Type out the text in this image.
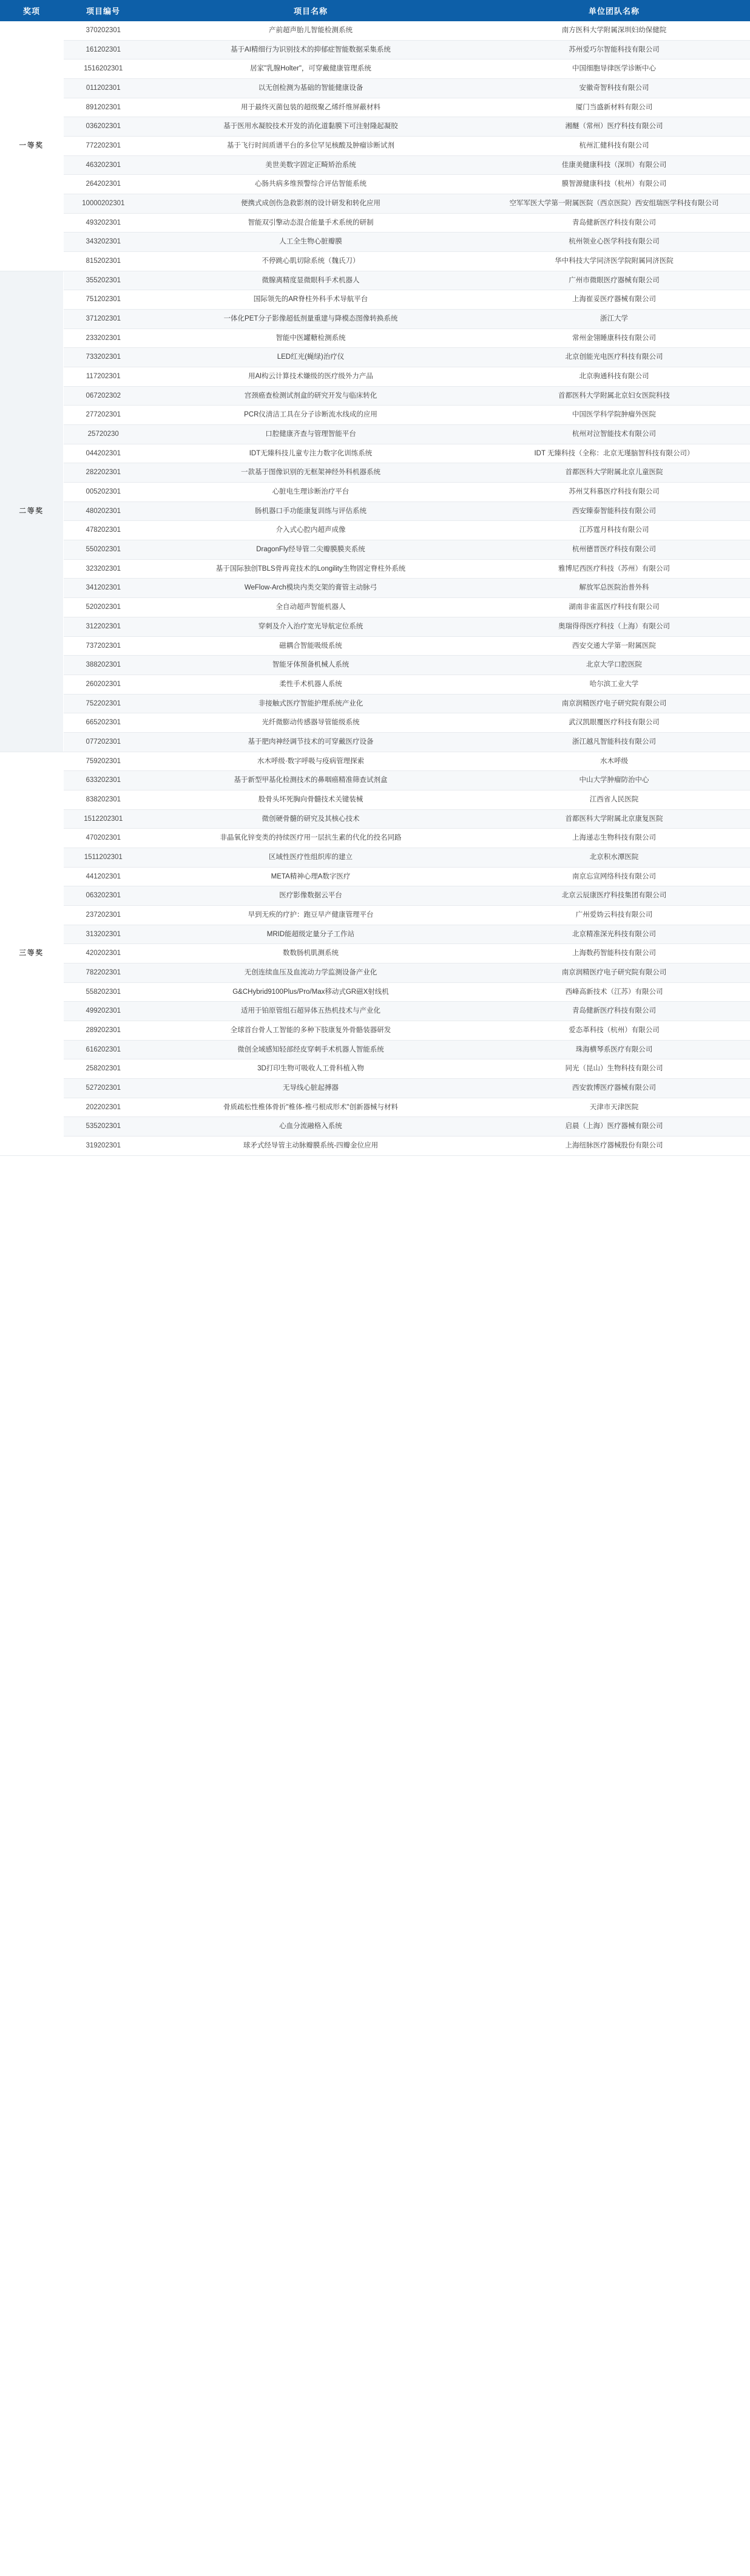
奖项	项目编号	项目名称	单位团队名称
一等奖	370202301	产前超声胎儿智能检测系统	南方医科大学附属深圳妇幼保健院
	161202301	基于AI精细行为识别技术的抑郁症智能数据采集系统	苏州爱巧尔智能科技有限公司
	1516202301	居家"乳腺Holter"，可穿戴健康管理系统	中国细胞导律医学诊断中心
	011202301	以无创检测为基础的智能健康设备	安徽奇智科技有限公司
	891202301	用于最终灭菌包装的超级聚乙烯纤维屏蔽材料	厦门当盛新材料有限公司
	036202301	基于医用水凝胶技术开发的消化道黏膜下可注射隆起凝胶	湘醚（常州）医疗科技有限公司
	772202301	基于飞行时间质谱平台的多位罕见核酸及肿瘤诊断试剂	杭州汇健科技有限公司
	463202301	美世美数字固定正畸矫治系统	佳康美健康科技（深圳）有限公司
	264202301	心肠共病多维预警综合评估智能系统	膜智源健康科技（杭州）有限公司
	10000202301	便携式成创伤急救影剂的设计研发和转化应用	空军军医大学第一附属医院（西京医院）西安组瑞医学科技有限公司
	493202301	智能双引擎动态混合能量手术系统的研制	青岛健新医疗科技有限公司
	343202301	人工全生物心脏瓣膜	杭州领业心医学科技有限公司
	815202301	不停跳心肌切除系统（魏氏刀）	华中科技大学同济医学院附属同济医院
二等奖	355202301	微腺离精度显微眼科手术机器人	广州市微眼医疗器械有限公司
	751202301	国际领先的AR脊柱外科手术导航平台	上海崔妥医疗器械有限公司
	371202301	一体化PET分子影像超低剂量重建与降模态图像转换系统	浙江大学
	233202301	智能中医罐糖检测系统	常州金翎睡康科技有限公司
	733202301	LED红光(蝇绿)治疗仪	北京创能光电医疗科技有限公司
	117202301	用Al构云计算技术嫌级的医疗级外力产品	北京驹通科技有限公司
	067202302	宫颈癌查检测试剂盒的研究开发与临床转化	首都医科大学附属北京妇女医院科技
	277202301	PCR仪清洁工具在分子诊断流水线成的应用	中国医学科学院肿瘤外医院
	25720230	口腔健康齐查与管理智能平台	杭州对泣智能技术有限公司
	044202301	IDT无臻科技儿童专注力数字化训练系统	IDT 无臻科技（全称：北京无瑾脑智科技有限公司）
	282202301	一款基于图像识别的无框架神经外科机器系统	首都医科大学附属北京儿童医院
	005202301	心脏电生理诊断治疗平台	苏州艾科慕医疗科技有限公司
	480202301	肠机器口手功能康复训练与评估系统	西安臻泰智能科技有限公司
	478202301	介入式心腔内超声成像	江苏霆月科技有限公司
	550202301	DragonFly经导管二尖瓣膜膜夹系统	杭州德晋医疗科技有限公司
	323202301	基于国际独创TBLS骨再竟技术的Longility生物固定脊柱外系统	雅博尼西医疗科技（苏州）有限公司
	341202301	WeFlow-Arch模块内类交架的膏管主动脉弓	解放军总医院治普外科
	520202301	全自动超声智能机器人	湖南非雀蓝医疗科技有限公司
	312202301	穿刺及介入治疗宽光导航定位系统	奥瑞得得医疗科技（上海）有限公司
	737202301	磁耦合智能吸级系统	西安交通大学第一附属医院
	388202301	智能牙体预备机械人系统	北京大学口腔医院
	260202301	柔性手术机器人系统	哈尔滨工业大学
	752202301	非接触式医疗智能护理系统产业化	南京润精医疗电子研究院有限公司
	665202301	光纤微膨动传感器导管能级系统	武汉凯眼覆医疗科技有限公司
	077202301	基于肥肉神经调节技术的可穿戴医疗设备	浙江越凡智能科技有限公司
三等奖	759202301	水木呼级·数字呼吸与疫病管理探索	水木呼级
	633202301	基于新型甲基化检测技术的鼻咽癌精准筛查试剂盒	中山大学肿瘤防治中心
	838202301	股骨头坏死胸向骨髓技术关键装械	江西省人民医院
	1512202301	微创硬骨髓的研究及其核心技术	首都医科大学附属北京康复医院
	470202301	非晶氧化锌变类的持续医疗用一层抗生素的代化的投名同路	上海递志生物科技有限公司
	1511202301	区域性医疗性组织库的建立	北京积水潭医院
	441202301	META精神心理A数字医疗	南京忘宣网络科技有限公司
	063202301	医疗影像数据云平台	北京云辰康医疗科技集团有限公司
	237202301	早到无疾的疗护：跑豆早产健康管理平台	广州爱妫云科技有限公司
	313202301	MRID能超级定量分子工作站	北京精准深光科技有限公司
	420202301	数数肠机肌测系统	上海数药智能科技有限公司
	782202301	无创连续血压及血流动力学监测设备产业化	南京润精医疗电子研究院有限公司
	558202301	G&CHybrid9100Plus/Pro/Max移动式GR磁X射线机	西峰高新技术（江苏）有限公司
	499202301	适用于铂原管组石超异体五热机技术与产业化	青岛健新医疗科技有限公司
	289202301	全球首台骨人工智能的多种下肢康复外骨骼装器研发	爱态革科技（杭州）有限公司
	616202301	微创全域感知轻部经皮穿刺手术机器人智能系统	珠海横琴系医疗有限公司
	258202301	3D打印生物可吸收人工骨科植入物	同光（昆山）生物科技有限公司
	527202301	无导线心脏起搏器	西安敦博医疗器械有限公司
	202202301	骨质疏松性椎体骨折"椎体-椎弓根成形术"创新器械与材料	天津市天津医院
	535202301	心血分流融格入系统	启晨（上海）医疗器械有限公司
	319202301	球矛式经导管主动脉瓣膜系统-四瓣金位应用	上海纽脉医疗器械股份有限公司
